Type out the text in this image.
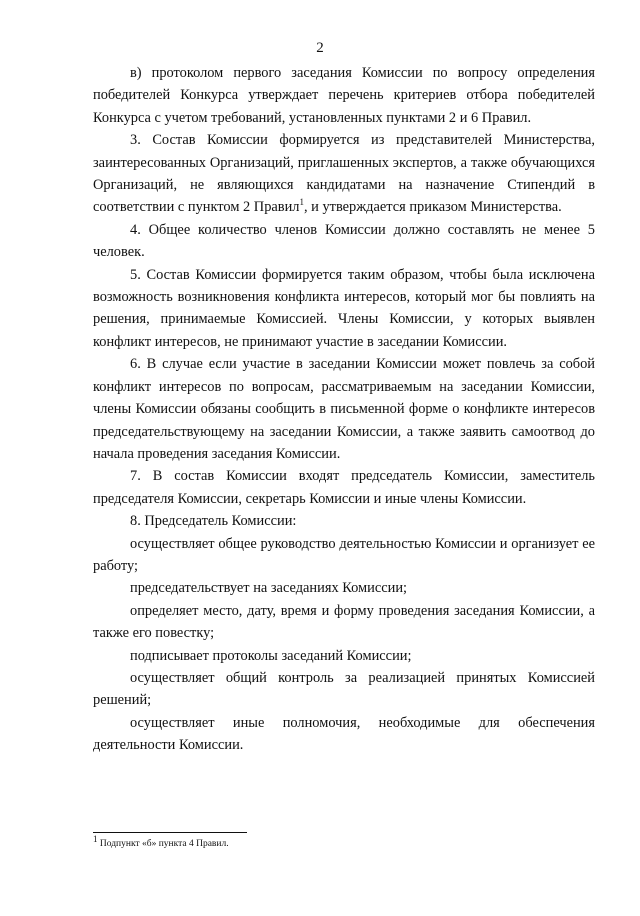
2

в) протоколом первого заседания Комиссии по вопросу определения победителей Конкурса утверждает перечень критериев отбора победителей Конкурса с учетом требований, установленных пунктами 2 и 6 Правил.

3. Состав Комиссии формируется из представителей Министерства, заинтересованных Организаций, приглашенных экспертов, а также обучающихся Организаций, не являющихся кандидатами на назначение Стипендий в соответствии с пунктом 2 Правил$^1$, и утверждается приказом Министерства.

4. Общее количество членов Комиссии должно составлять не менее 5 человек.

5. Состав Комиссии формируется таким образом, чтобы была исключена возможность возникновения конфликта интересов, который мог бы повлиять на решения, принимаемые Комиссией. Члены Комиссии, у которых выявлен конфликт интересов, не принимают участие в заседании Комиссии.

6. В случае если участие в заседании Комиссии может повлечь за собой конфликт интересов по вопросам, рассматриваемым на заседании Комиссии, члены Комиссии обязаны сообщить в письменной форме о конфликте интересов председательствующему на заседании Комиссии, а также заявить самоотвод до начала проведения заседания Комиссии.

7. В состав Комиссии входят председатель Комиссии, заместитель председателя Комиссии, секретарь Комиссии и иные члены Комиссии.

8. Председатель Комиссии:

осуществляет общее руководство деятельностью Комиссии и организует ее работу;

председательствует на заседаниях Комиссии;

определяет место, дату, время и форму проведения заседания Комиссии, а также его повестку;

подписывает протоколы заседаний Комиссии;

осуществляет общий контроль за реализацией принятых Комиссией решений;

осуществляет иные полномочия, необходимые для обеспечения деятельности Комиссии.

$^1$ Подпункт «б» пункта 4 Правил.
